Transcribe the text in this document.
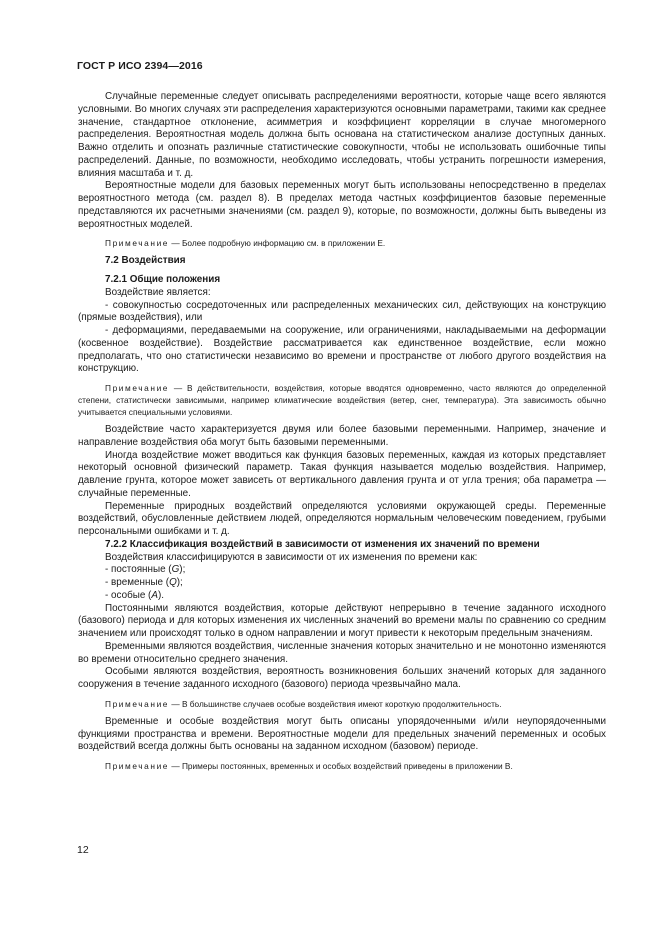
ГОСТ Р ИСО 2394—2016

Случайные переменные следует описывать распределениями вероятности, которые чаще всего являются условными. Во многих случаях эти распределения характеризуются основными параметрами, такими как среднее значение, стандартное отклонение, асимметрия и коэффициент корреляции в случае многомерного распределения. Вероятностная модель должна быть основана на статистическом анализе доступных данных. Важно отделить и опознать различные статистические совокупности, чтобы не использовать ошибочные типы распределений. Данные, по возможности, необходимо исследовать, чтобы устранить погрешности измерения, влияния масштаба и т. д.

Вероятностные модели для базовых переменных могут быть использованы непосредственно в пределах вероятностного метода (см. раздел 8). В пределах метода частных коэффициентов базовые переменные представляются их расчетными значениями (см. раздел 9), которые, по возможности, должны быть выведены из вероятностных моделей.

Примечание — Более подробную информацию см. в приложении Е.

7.2 Воздействия

7.2.1 Общие положения

Воздействие является:

- совокупностью сосредоточенных или распределенных механических сил, действующих на конструкцию (прямые воздействия), или

- деформациями, передаваемыми на сооружение, или ограничениями, накладываемыми на деформации (косвенное воздействие). Воздействие рассматривается как единственное воздействие, если можно предполагать, что оно статистически независимо во времени и пространстве от любого другого воздействия на конструкцию.

Примечание — В действительности, воздействия, которые вводятся одновременно, часто являются до определенной степени, статистически зависимыми, например климатические воздействия (ветер, снег, температура). Эта зависимость обычно учитывается специальными условиями.

Воздействие часто характеризуется двумя или более базовыми переменными. Например, значение и направление воздействия оба могут быть базовыми переменными.

Иногда воздействие может вводиться как функция базовых переменных, каждая из которых представляет некоторый основной физический параметр. Такая функция называется моделью воздействия. Например, давление грунта, которое может зависеть от вертикального давления грунта и от угла трения; оба параметра — случайные переменные.

Переменные природных воздействий определяются условиями окружающей среды. Переменные воздействий, обусловленные действием людей, определяются нормальным человеческим поведением, грубыми персональными ошибками и т. д.

7.2.2 Классификация воздействий в зависимости от изменения их значений по времени

Воздействия классифицируются в зависимости от их изменения по времени как:

- постоянные (G);

- временные (Q);

- особые (A).

Постоянными являются воздействия, которые действуют непрерывно в течение заданного исходного (базового) периода и для которых изменения их численных значений во времени малы по сравнению со средним значением или происходят только в одном направлении и могут привести к некоторым предельным значениям.

Временными являются воздействия, численные значения которых значительно и не монотонно изменяются во времени относительно среднего значения.

Особыми являются воздействия, вероятность возникновения больших значений которых для заданного сооружения в течение заданного исходного (базового) периода чрезвычайно мала.

Примечание — В большинстве случаев особые воздействия имеют короткую продолжительность.

Временные и особые воздействия могут быть описаны упорядоченными и/или неупорядоченными функциями пространства и времени. Вероятностные модели для предельных значений переменных и особых воздействий всегда должны быть основаны на заданном исходном (базовом) периоде.

Примечание — Примеры постоянных, временных и особых воздействий приведены в приложении В.

12
